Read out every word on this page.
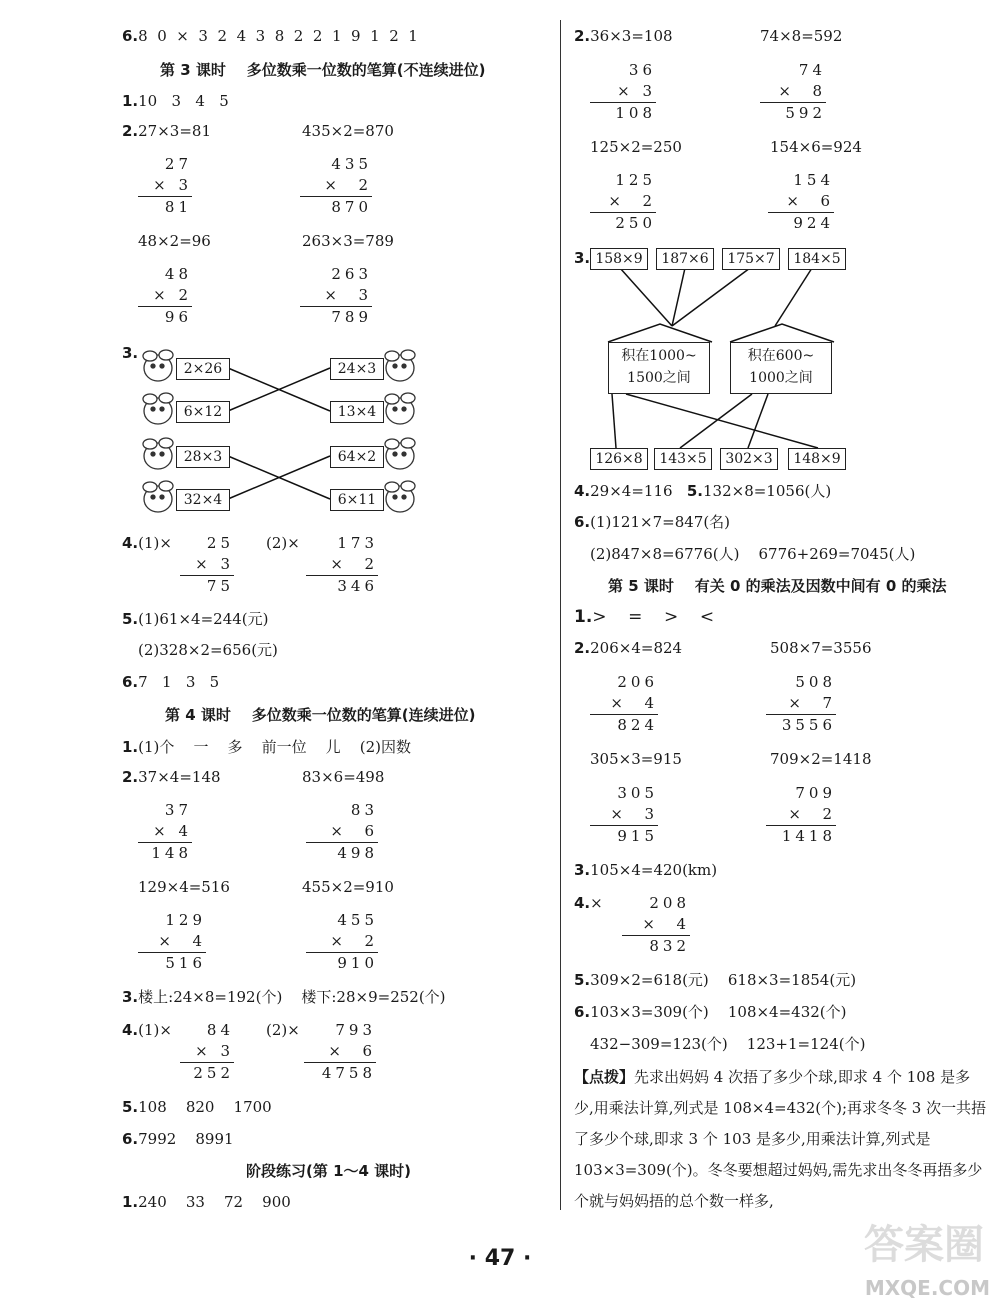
6.8  0  ×  3  2  4  3  8  2  2  1  9  1  2  1
第 3 课时    多位数乘一位数的笔算(不连续进位)
1.10   3   4   5
2.27×3=81	435×2=870
27
× 3
81
435
×  2
870
48×2=96	263×3=789
48
× 2
96
263
×  3
789
3.
2×26
6×12
28×3
32×4
24×3
13×4
64×2
6×11
4.(1)×	25
× 3
75
(2)×	173
×  2
346
5.(1)61×4=244(元)
(2)328×2=656(元)
6.7   1   3   5
第 4 课时    多位数乘一位数的笔算(连续进位)
1.(1)个    一    多    前一位    儿    (2)因数
2.37×4=148	83×6=498
37
× 4
148
83
×  6
498
129×4=516	455×2=910
129
×  4
516
455
×  2
910
3.楼上:24×8=192(个)    楼下:28×9=252(个)
4.(1)×	84
× 3
252
(2)×	793
×  6
4758
5.108    820    1700
6.7992    8991
阶段练习(第 1～4 课时)
1.240    33    72    900
2.36×3=108	74×8=592
36
× 3
108
74
×  8
592
125×2=250	154×6=924
125
×  2
250
154
×  6
924
3. 158×9	187×6	175×7	184×5
积在1000~
1500之间
积在600~
1000之间
126×8	143×5	302×3	148×9
4.29×4=116 5.132×8=1056(人)
6.(1)121×7=847(名)
(2)847×8=6776(人)    6776+269=7045(人)
第 5 课时    有关 0 的乘法及因数中间有 0 的乘法
1.>    =    >    <
2.206×4=824	508×7=3556
206
×  4
824
508
×  7
3556
305×3=915	709×2=1418
305
×  3
915
709
×  2
1418
3.105×4=420(km)
4.×	208
×  4
832
5.309×2=618(元)    618×3=1854(元)
6.103×3=309(个)    108×4=432(个)
432−309=123(个)    123+1=124(个)
【点拨】先求出妈妈 4 次捂了多少个球,即求 4 个 108 是多少,用乘法计算,列式是 108×4=432(个);再求冬冬 3 次一共捂了多少个球,即求 3 个 103 是多少,用乘法计算,列式是 103×3=309(个)。冬冬要想超过妈妈,需先求出冬冬再捂多少个就与妈妈捂的总个数一样多,
· 47 ·	答案圈
MXQE.COM
